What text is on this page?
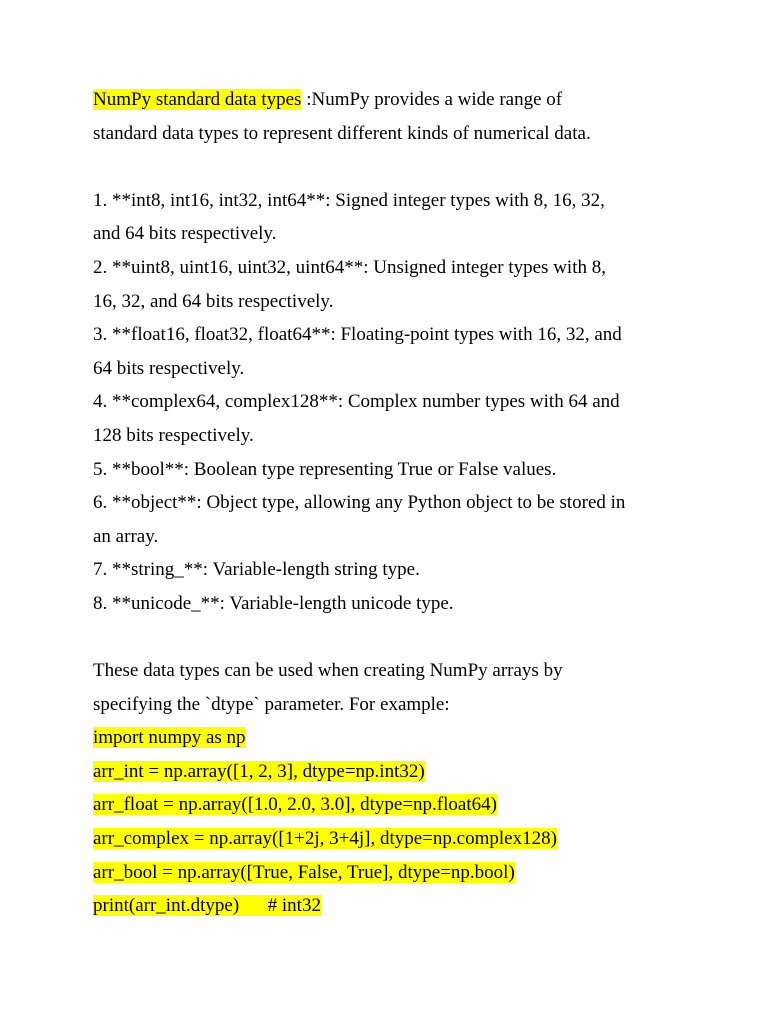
NumPy standard data types :NumPy provides a wide range of
standard data types to represent different kinds of numerical data.
1. **int8, int16, int32, int64**: Signed integer types with 8, 16, 32,
and 64 bits respectively.
2. **uint8, uint16, uint32, uint64**: Unsigned integer types with 8,
16, 32, and 64 bits respectively.
3. **float16, float32, float64**: Floating-point types with 16, 32, and
64 bits respectively.
4. **complex64, complex128**: Complex number types with 64 and
128 bits respectively.
5. **bool**: Boolean type representing True or False values.
6. **object**: Object type, allowing any Python object to be stored in
an array.
7. **string_**: Variable-length string type.
8. **unicode_**: Variable-length unicode type.
These data types can be used when creating NumPy arrays by
specifying the `dtype` parameter. For example:
import numpy as np
arr_int = np.array([1, 2, 3], dtype=np.int32)
arr_float = np.array([1.0, 2.0, 3.0], dtype=np.float64)
arr_complex = np.array([1+2j, 3+4j], dtype=np.complex128)
arr_bool = np.array([True, False, True], dtype=np.bool)
print(arr_int.dtype)      # int32
